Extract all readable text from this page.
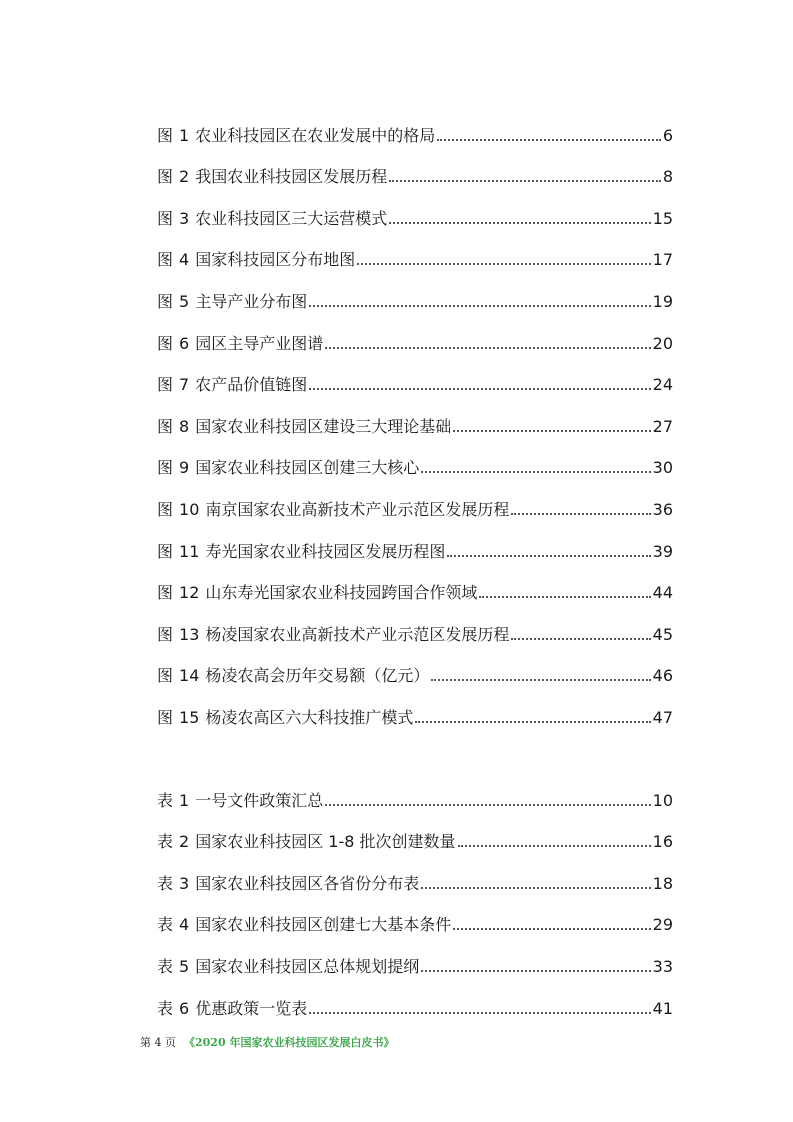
图 1 农业科技园区在农业发展中的格局	6
图 2 我国农业科技园区发展历程	8
图 3 农业科技园区三大运营模式	15
图 4 国家科技园区分布地图	17
图 5 主导产业分布图	19
图 6 园区主导产业图谱	20
图 7 农产品价值链图	24
图 8 国家农业科技园区建设三大理论基础	27
图 9 国家农业科技园区创建三大核心	30
图 10 南京国家农业高新技术产业示范区发展历程	36
图 11 寿光国家农业科技园区发展历程图	39
图 12 山东寿光国家农业科技园跨国合作领域	44
图 13 杨凌国家农业高新技术产业示范区发展历程	45
图 14 杨凌农高会历年交易额（亿元）	46
图 15 杨凌农高区六大科技推广模式	47
表 1 一号文件政策汇总	10
表 2 国家农业科技园区 1-8 批次创建数量	16
表 3 国家农业科技园区各省份分布表	18
表 4 国家农业科技园区创建七大基本条件	29
表 5 国家农业科技园区总体规划提纲	33
表 6 优惠政策一览表	41
第 4 页 《2020 年国家农业科技园区发展白皮书》
